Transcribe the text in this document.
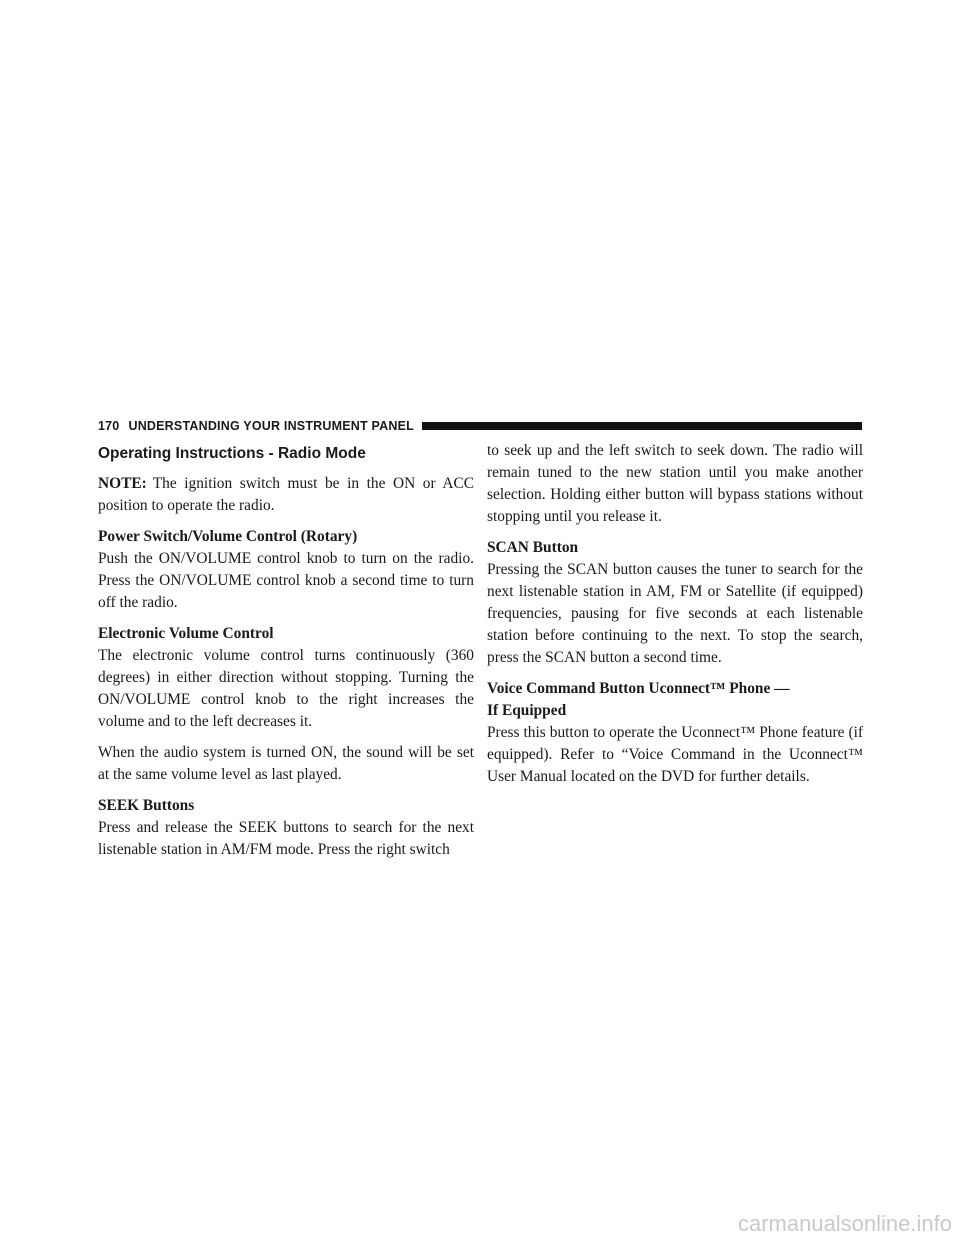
170 UNDERSTANDING YOUR INSTRUMENT PANEL
Operating Instructions - Radio Mode

NOTE: The ignition switch must be in the ON or ACC position to operate the radio.

Power Switch/Volume Control (Rotary)

Push the ON/VOLUME control knob to turn on the radio. Press the ON/VOLUME control knob a second time to turn off the radio.

Electronic Volume Control

The electronic volume control turns continuously (360 degrees) in either direction without stopping. Turning the ON/VOLUME control knob to the right increases the volume and to the left decreases it.

When the audio system is turned ON, the sound will be set at the same volume level as last played.

SEEK Buttons

Press and release the SEEK buttons to search for the next listenable station in AM/FM mode. Press the right switch

to seek up and the left switch to seek down. The radio will remain tuned to the new station until you make another selection. Holding either button will bypass stations without stopping until you release it.

SCAN Button

Pressing the SCAN button causes the tuner to search for the next listenable station in AM, FM or Satellite (if equipped) frequencies, pausing for five seconds at each listenable station before continuing to the next. To stop the search, press the SCAN button a second time.

Voice Command Button Uconnect™ Phone —
If Equipped

Press this button to operate the Uconnect™ Phone feature (if equipped). Refer to “Voice Command in the Uconnect™ User Manual located on the DVD for further details.

carmanualsonline.info
